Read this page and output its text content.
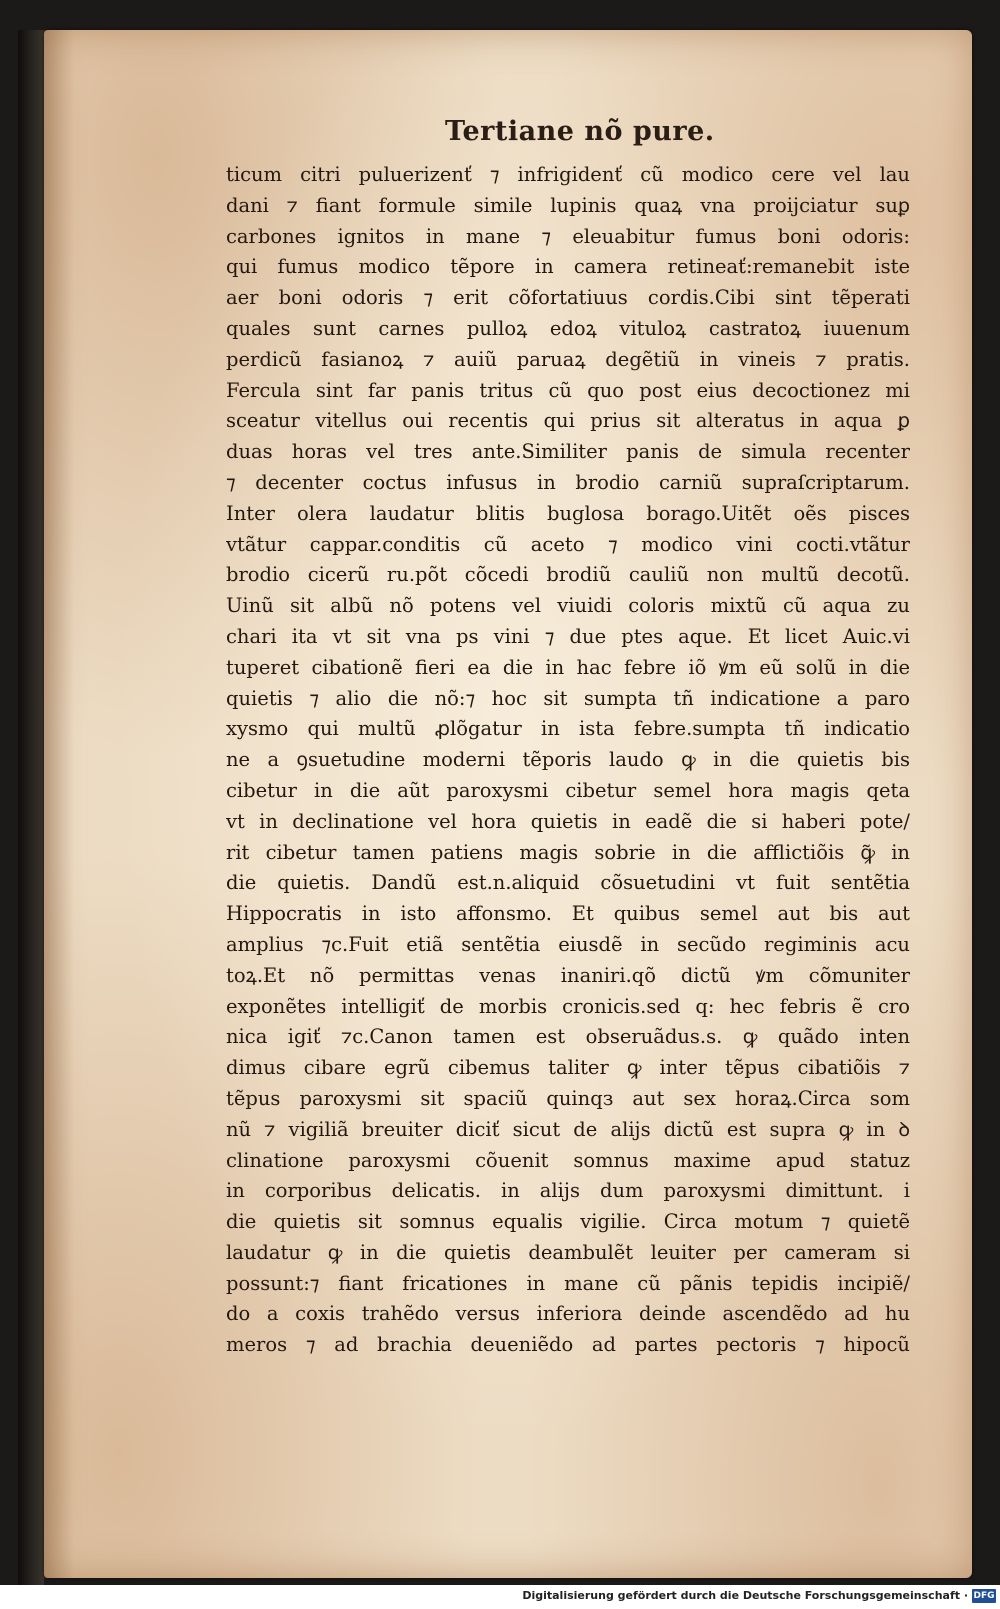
Tertiane nõ pure.
ticum citri puluerizenť ⁊ infrigidenť cũ modico cere vel lau
dani ⁊ fiant formule simile lupinis quaꝝ vna proijciatur suꝑ
carbones ignitos in mane ⁊ eleuabitur fumus boni odoris:
qui fumus modico tẽpore in camera retineať:remanebit iste
aer boni odoris ⁊ erit cõfortatiuus cordis.Cibi sint tẽperati
quales sunt carnes pulloꝝ edoꝝ vituloꝝ castratoꝝ iuuenum
perdicũ fasianoꝝ ⁊ auiũ paruaꝝ degẽtiũ in vineis ⁊ pratis.
Fercula sint far panis tritus cũ quo post eius decoctionez mi
sceatur vitellus oui recentis qui prius sit alteratus in aqua ꝑ
duas horas vel tres ante.Similiter panis de simula recenter
⁊ decenter coctus infusus in brodio carniũ supraſcriptarum.
Inter olera laudatur blitis buglosa borago.Uitẽt oẽs pisces
vtãtur cappar.conditis cũ aceto ⁊ modico vini cocti.vtãtur
brodio cicerũ ru.põt cõcedi brodiũ cauliũ non multũ decotũ.
Uinũ sit albũ nõ potens vel viuidi coloris mixtũ cũ aqua zu
chari ita vt sit vna ps vini ⁊ due ptes aque. Et licet Auic.vi
tuperet cibationẽ fieri ea die in hac febre iõ ꝟm eũ solũ in die
quietis ⁊ alio die nõ:⁊ hoc sit sumpta tñ indicatione a paro
xysmo qui multũ ꝓlõgatur in ista febre.sumpta tñ indicatio
ne a ꝯsuetudine moderni tẽporis laudo ꝙ in die quietis bis
cibetur in die aũt paroxysmi cibetur semel hora magis qeta
vt in declinatione vel hora quietis in eadẽ die si haberi pote/
rit cibetur tamen patiens magis sobrie in die afflictiõis ꝙ̃ in
die quietis. Dandũ est.n.aliquid cõsuetudini vt fuit sentẽtia
Hippocratis in isto affonsmo. Et quibus semel aut bis aut
amplius ⁊c.Fuit etiã sentẽtia eiusdẽ in secũdo regiminis acu
toꝝ.Et nõ permittas venas inaniri.qõ dictũ ꝟm cõmuniter
exponẽtes intelligiť de morbis cronicis.sed q: hec febris ẽ cro
nica igiť ⁊c.Canon tamen est obseruãdus.s. ꝙ quãdo inten
dimus cibare egrũ cibemus taliter ꝙ inter tẽpus cibatiõis ⁊
tẽpus paroxysmi sit spaciũ quinqз aut sex horaꝝ.Circa som
nũ ⁊ vigiliã breuiter diciť sicut de alijs dictũ est supra ꝙ in ꝺ
clinatione paroxysmi cõuenit somnus maxime apud statuz
in corporibus delicatis. in alijs dum paroxysmi dimittunt. i
die quietis sit somnus equalis vigilie. Circa motum ⁊ quietẽ
laudatur ꝙ in die quietis deambulẽt leuiter per cameram si
possunt:⁊ fiant fricationes in mane cũ pãnis tepidis incipiẽ/
do a coxis trahẽdo versus inferiora deinde ascendẽdo ad hu
meros ⁊ ad brachia deueniẽdo ad partes pectoris ⁊ hipocũ
Digitalisierung gefördert durch die Deutsche Forschungsgemeinschaft · DFG
